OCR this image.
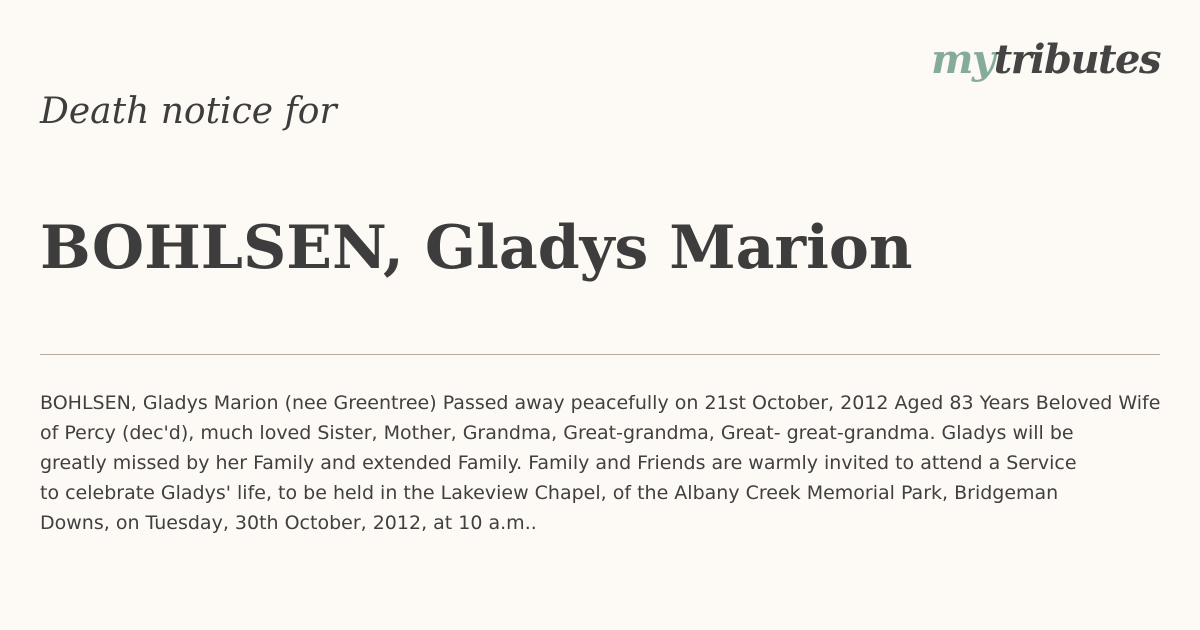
mytributes

Death notice for

BOHLSEN, Gladys Marion

BOHLSEN, Gladys Marion (nee Greentree) Passed away peacefully on 21st October, 2012 Aged 83 Years Beloved Wife
of Percy (dec'd), much loved Sister, Mother, Grandma, Great-grandma, Great- great-grandma. Gladys will be
greatly missed by her Family and extended Family. Family and Friends are warmly invited to attend a Service
to celebrate Gladys' life, to be held in the Lakeview Chapel, of the Albany Creek Memorial Park, Bridgeman
Downs, on Tuesday, 30th October, 2012, at 10 a.m..
